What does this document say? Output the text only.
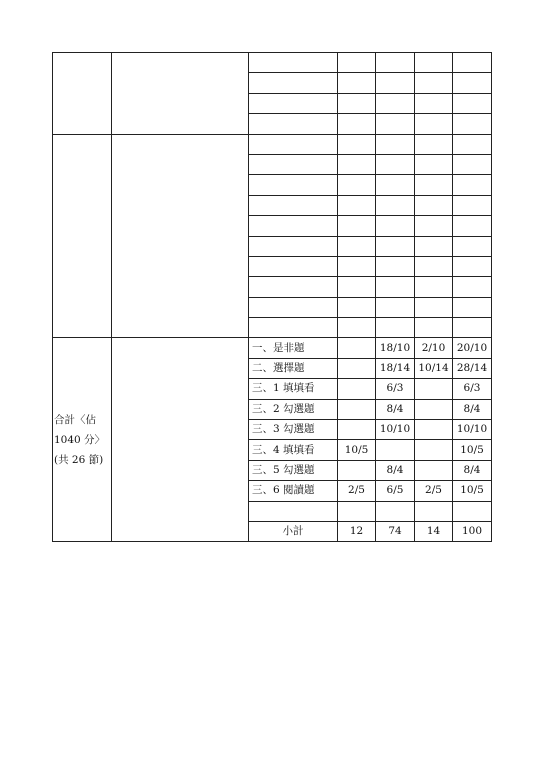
合計〈佔
1040 分〉
(共 26 節)		一、是非題		18/10	2/10	20/10
		二、選擇題		18/14	10/14	28/14
		三、1 填填看		6/3		6/3
		三、2 勾選題		8/4		8/4
		三、3 勾選題		10/10		10/10
		三、4 填填看	10/5			10/5
		三、5 勾選題		8/4		8/4
		三、6 閱讀題	2/5	6/5	2/5	10/5

		小計	12	74	14	100
